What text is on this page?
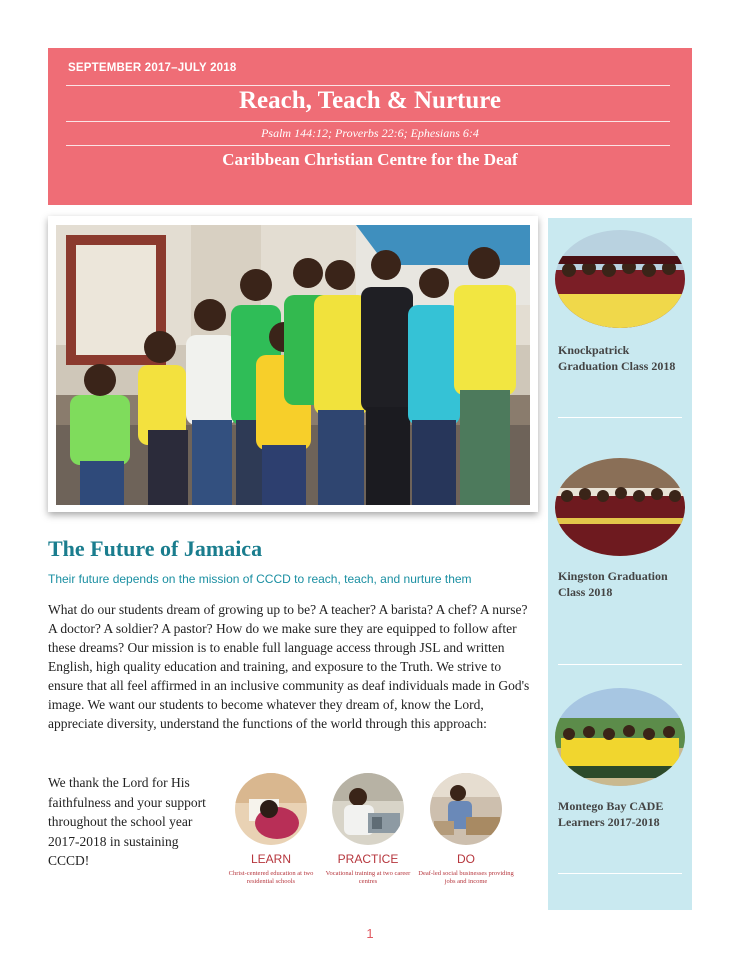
SEPTEMBER 2017–JULY 2018
Reach, Teach & Nurture
Psalm 144:12; Proverbs 22:6; Ephesians 6:4
Caribbean Christian Centre for the Deaf
The Future of Jamaica
Their future depends on the mission of CCCD to reach, teach, and nurture them
What do our students dream of growing up to be? A teacher? A barista? A chef? A nurse? A doctor? A soldier? A pastor? How do we make sure they are equipped to follow after these dreams? Our mission is to enable full language access through JSL and written English, high quality education and training, and exposure to the Truth. We strive to ensure that all feel affirmed in an inclusive community as deaf individuals made in God's image. We want our students to become whatever they dream of, know the Lord, appreciate diversity, understand the functions of the world through this approach:
We thank the Lord for His faithfulness and your support throughout the school year 2017-2018 in sustaining CCCD!	LEARN
Christ-centered education at two residential schools
PRACTICE
Vocational training at two career centres
DO
Deaf-led social businesses providing jobs and income
Knockpatrick Graduation Class 2018
Kingston Graduation Class 2018
Montego Bay CADE Learners 2017-2018
1
